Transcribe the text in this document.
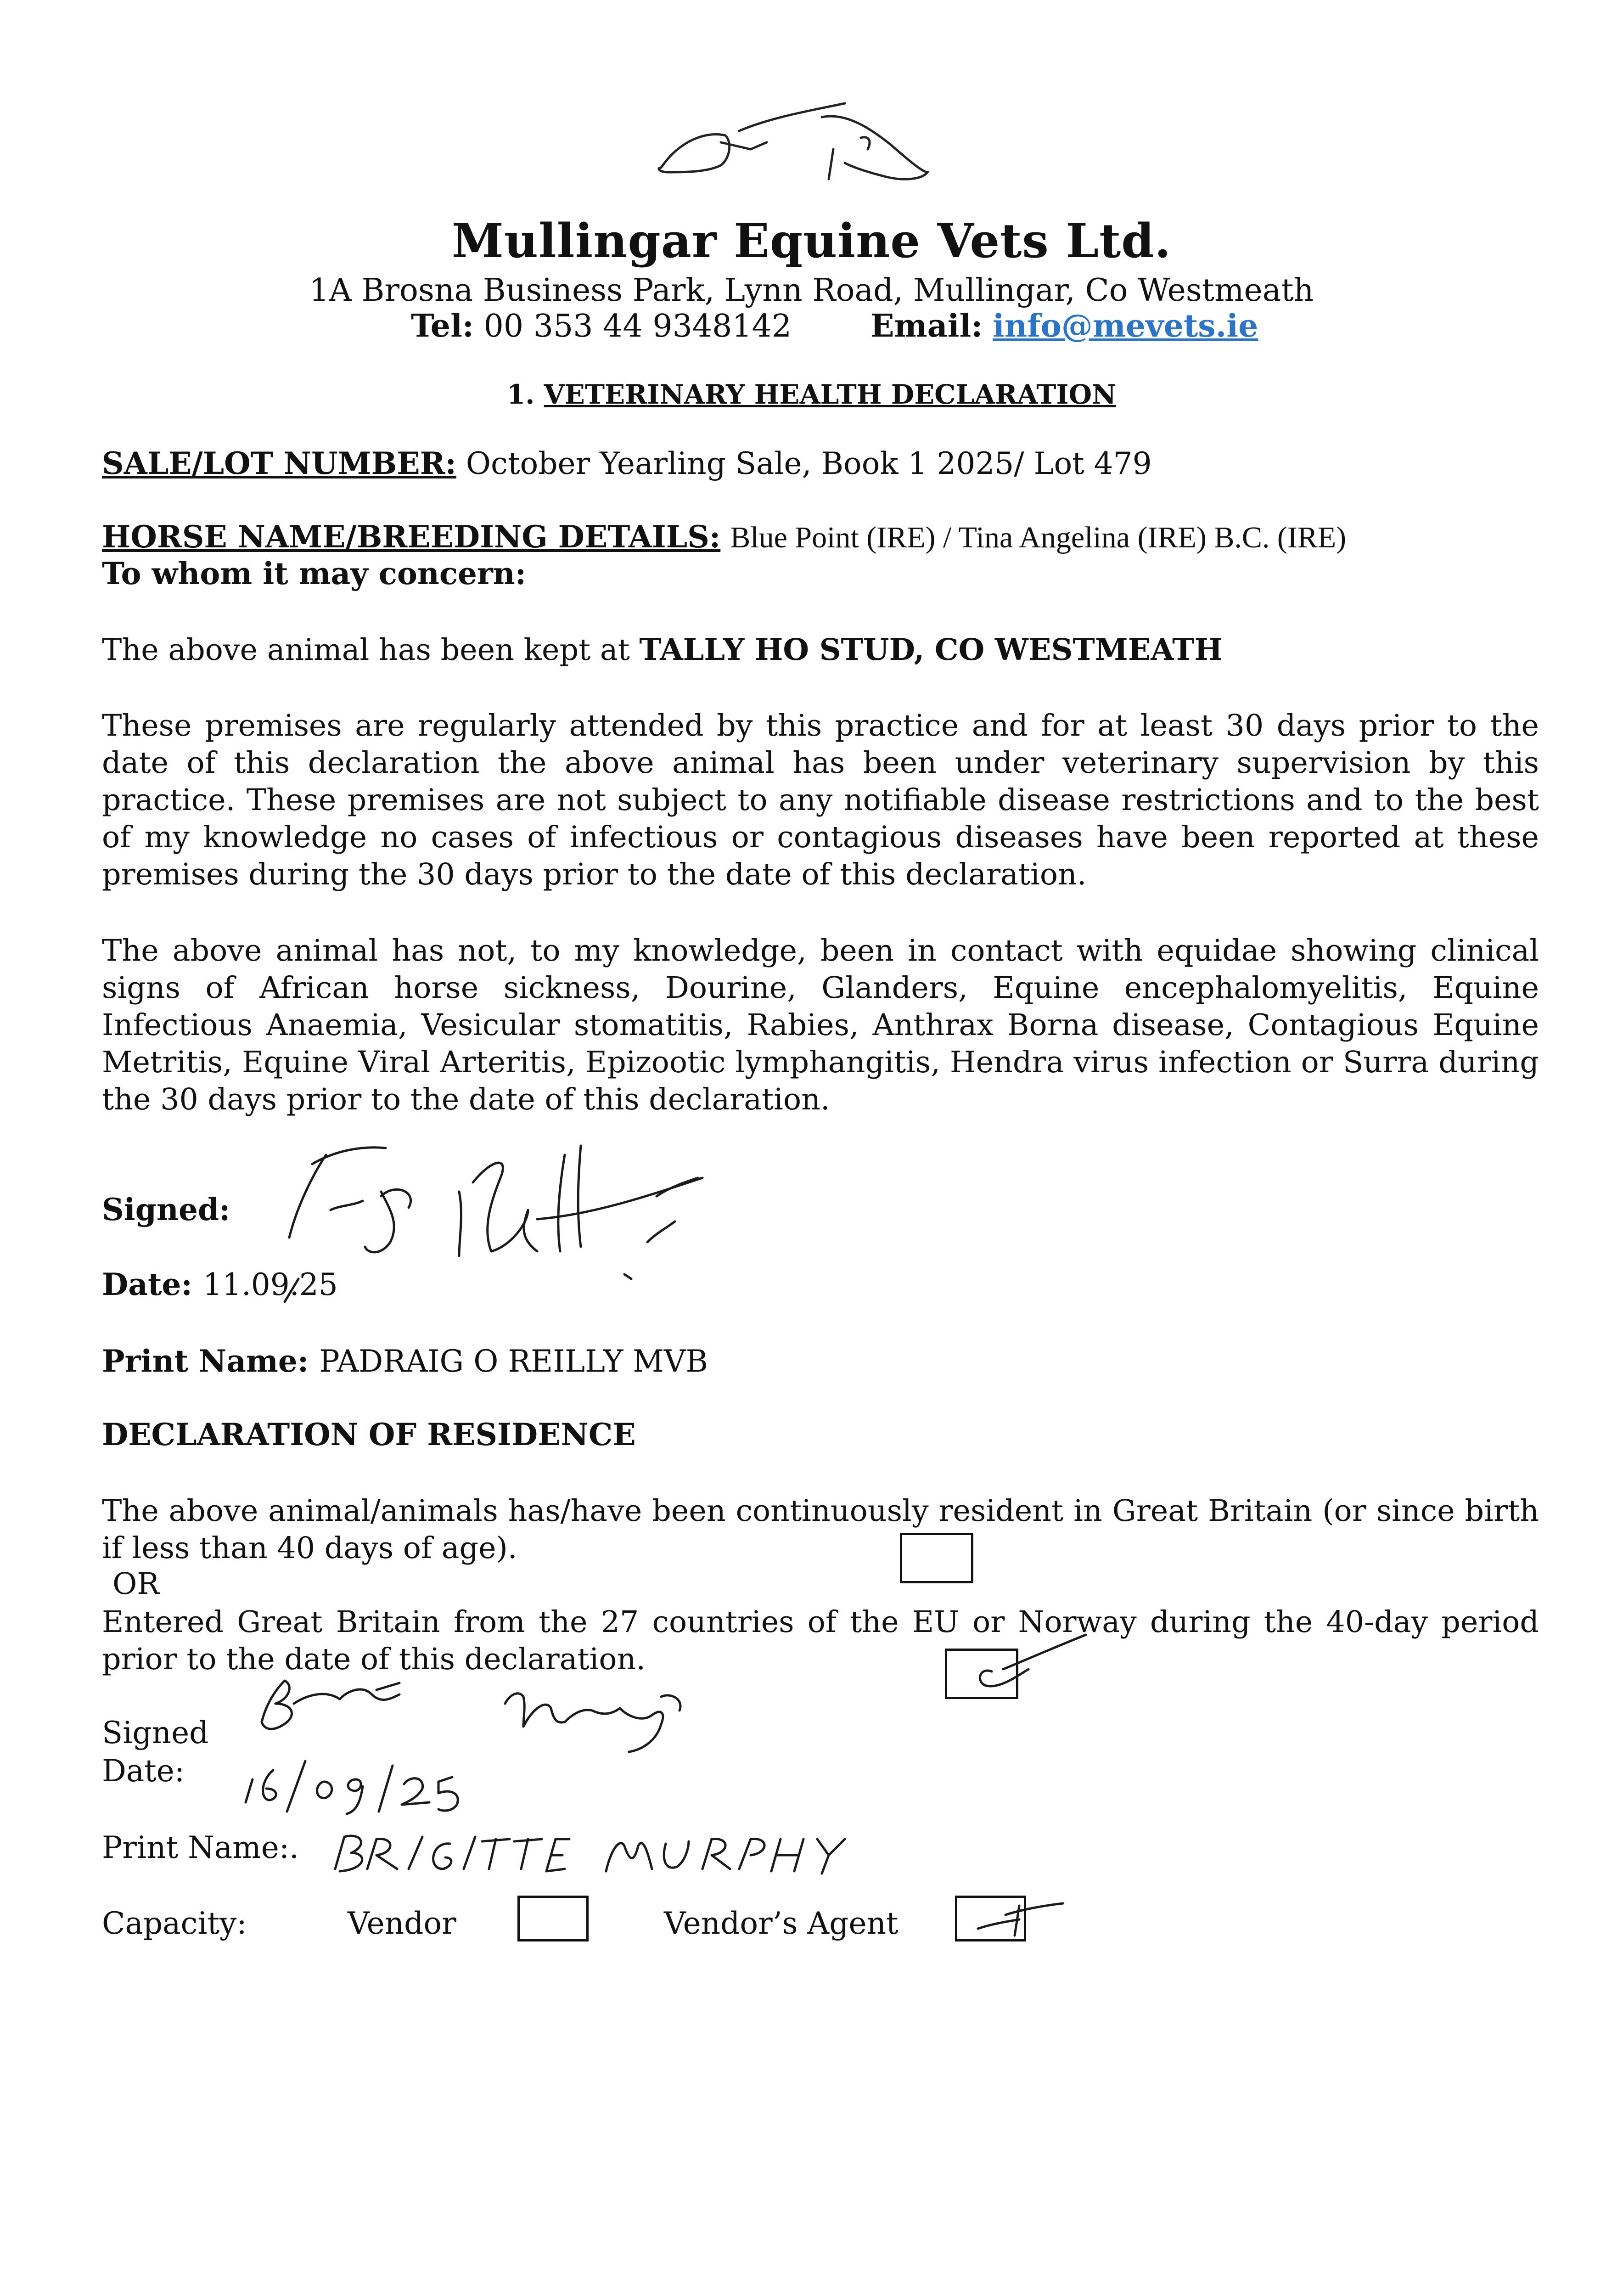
Mullingar Equine Vets Ltd.
1A Brosna Business Park, Lynn Road, Mullingar, Co Westmeath
Tel: 00 353 44 9348142	Email: info@mevets.ie
1. VETERINARY HEALTH DECLARATION
SALE/LOT NUMBER: October Yearling Sale, Book 1 2025/ Lot 479
HORSE NAME/BREEDING DETAILS: Blue Point (IRE) / Tina Angelina (IRE) B.C. (IRE)
To whom it may concern:
The above animal has been kept at TALLY HO STUD, CO WESTMEATH
These premises are regularly attended by this practice and for at least 30 days prior to the date of this declaration the above animal has been under veterinary supervision by this practice. These premises are not subject to any notifiable disease restrictions and to the best of my knowledge no cases of infectious or contagious diseases have been reported at these premises during the 30 days prior to the date of this declaration.
The above animal has not, to my knowledge, been in contact with equidae showing clinical signs of African horse sickness, Dourine, Glanders, Equine encephalomyelitis, Equine Infectious Anaemia, Vesicular stomatitis, Rabies, Anthrax Borna disease, Contagious Equine Metritis, Equine Viral Arteritis, Epizootic lymphangitis, Hendra virus infection or Surra during the 30 days prior to the date of this declaration.
Signed:
Date: 11.09.25
Print Name: PADRAIG O REILLY MVB
DECLARATION OF RESIDENCE
The above animal/animals has/have been continuously resident in Great Britain (or since birth if less than 40 days of age).
OR
Entered Great Britain from the 27 countries of the EU or Norway during the 40-day period prior to the date of this declaration.
Signed
Date:
Print Name:.
Capacity:	Vendor	Vendor’s Agent
